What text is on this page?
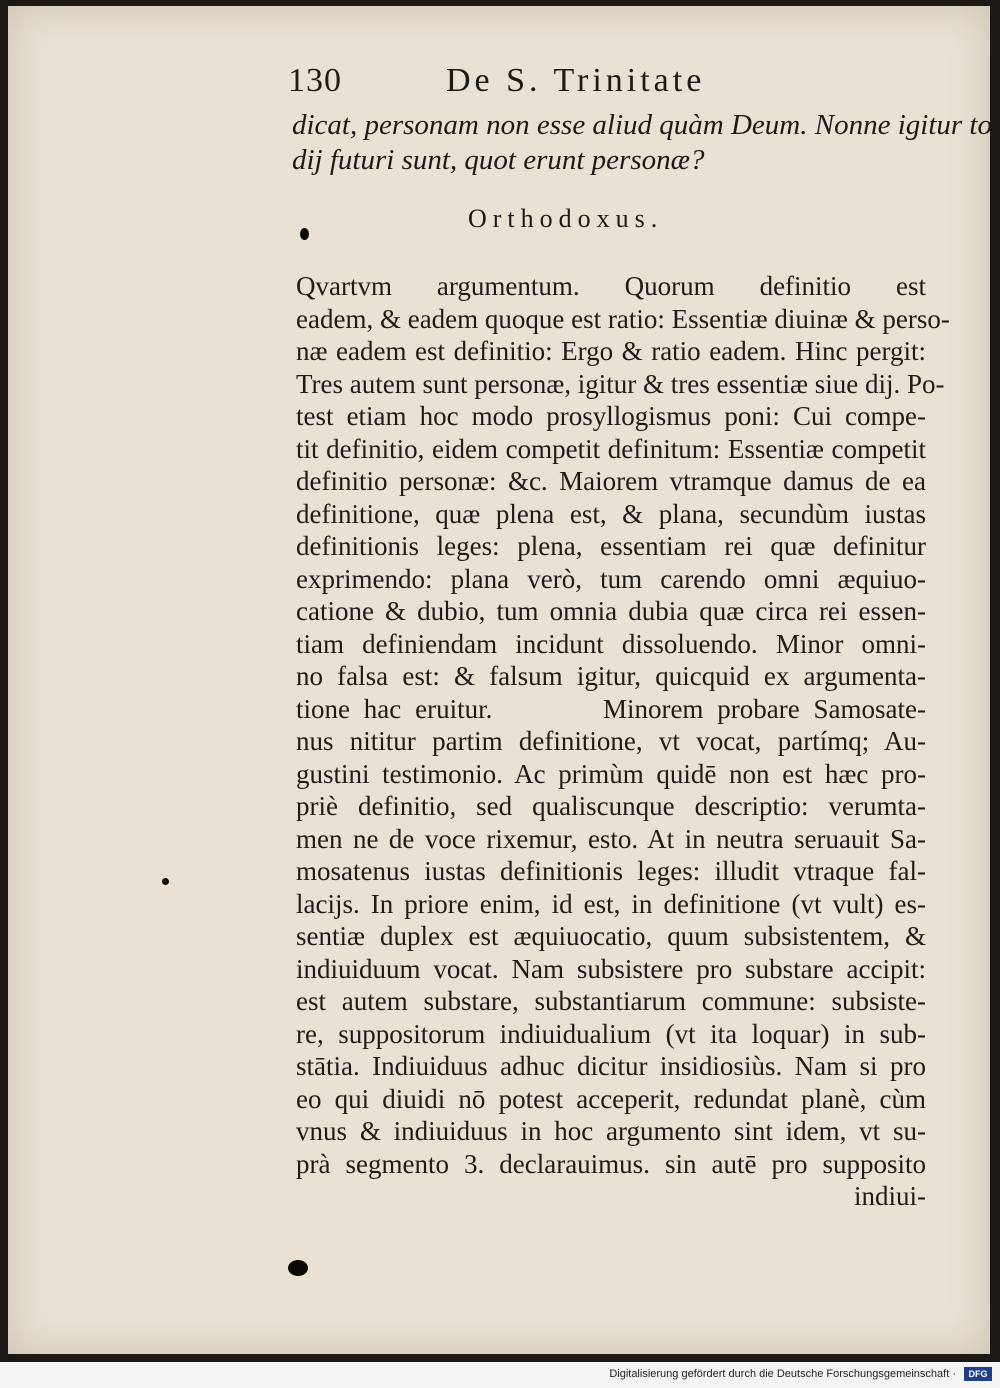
130	De S. Trinitate
dicat, personam non esse aliud quàm Deum. Nonne igitur tot
dij futuri sunt, quot erunt personæ?
Orthodoxus.
Qvartvm argumentum. Quorum definitio est
eadem, & eadem quoque est ratio: Essentiæ diuinæ & perso-
næ eadem est definitio: Ergo & ratio eadem. Hinc pergit:
Tres autem sunt personæ, igitur & tres essentiæ siue dij. Po-
test etiam hoc modo prosyllogismus poni: Cui compe-
tit definitio, eidem competit definitum: Essentiæ competit
definitio personæ: &c. Maiorem vtramque damus de ea
definitione, quæ plena est, & plana, secundùm iustas
definitionis leges: plena, essentiam rei quæ definitur
exprimendo: plana verò, tum carendo omni æquiuo-
catione & dubio, tum omnia dubia quæ circa rei essen-
tiam definiendam incidunt dissoluendo. Minor omni-
no falsa est: & falsum igitur, quicquid ex argumenta-
tione hac eruitur.        Minorem probare Samosate-
nus nititur partim definitione, vt vocat, partímq; Au-
gustini testimonio. Ac primùm quidē non est hæc pro-
priè definitio, sed qualiscunque descriptio: verumta-
men ne de voce rixemur, esto. At in neutra seruauit Sa-
mosatenus iustas definitionis leges: illudit vtraque fal-
lacijs. In priore enim, id est, in definitione (vt vult) es-
sentiæ duplex est æquiuocatio, quum subsistentem, &
indiuiduum vocat. Nam subsistere pro substare accipit:
est autem substare, substantiarum commune: subsiste-
re, suppositorum indiuidualium (vt ita loquar) in sub-
stātia. Indiuiduus adhuc dicitur insidiosiùs. Nam si pro
eo qui diuidi nō potest acceperit, redundat planè, cùm
vnus & indiuiduus in hoc argumento sint idem, vt su-
prà segmento 3. declarauimus. sin autē pro supposito
indiui-
Digitalisierung gefördert durch die Deutsche Forschungsgemeinschaft ·	DFG
